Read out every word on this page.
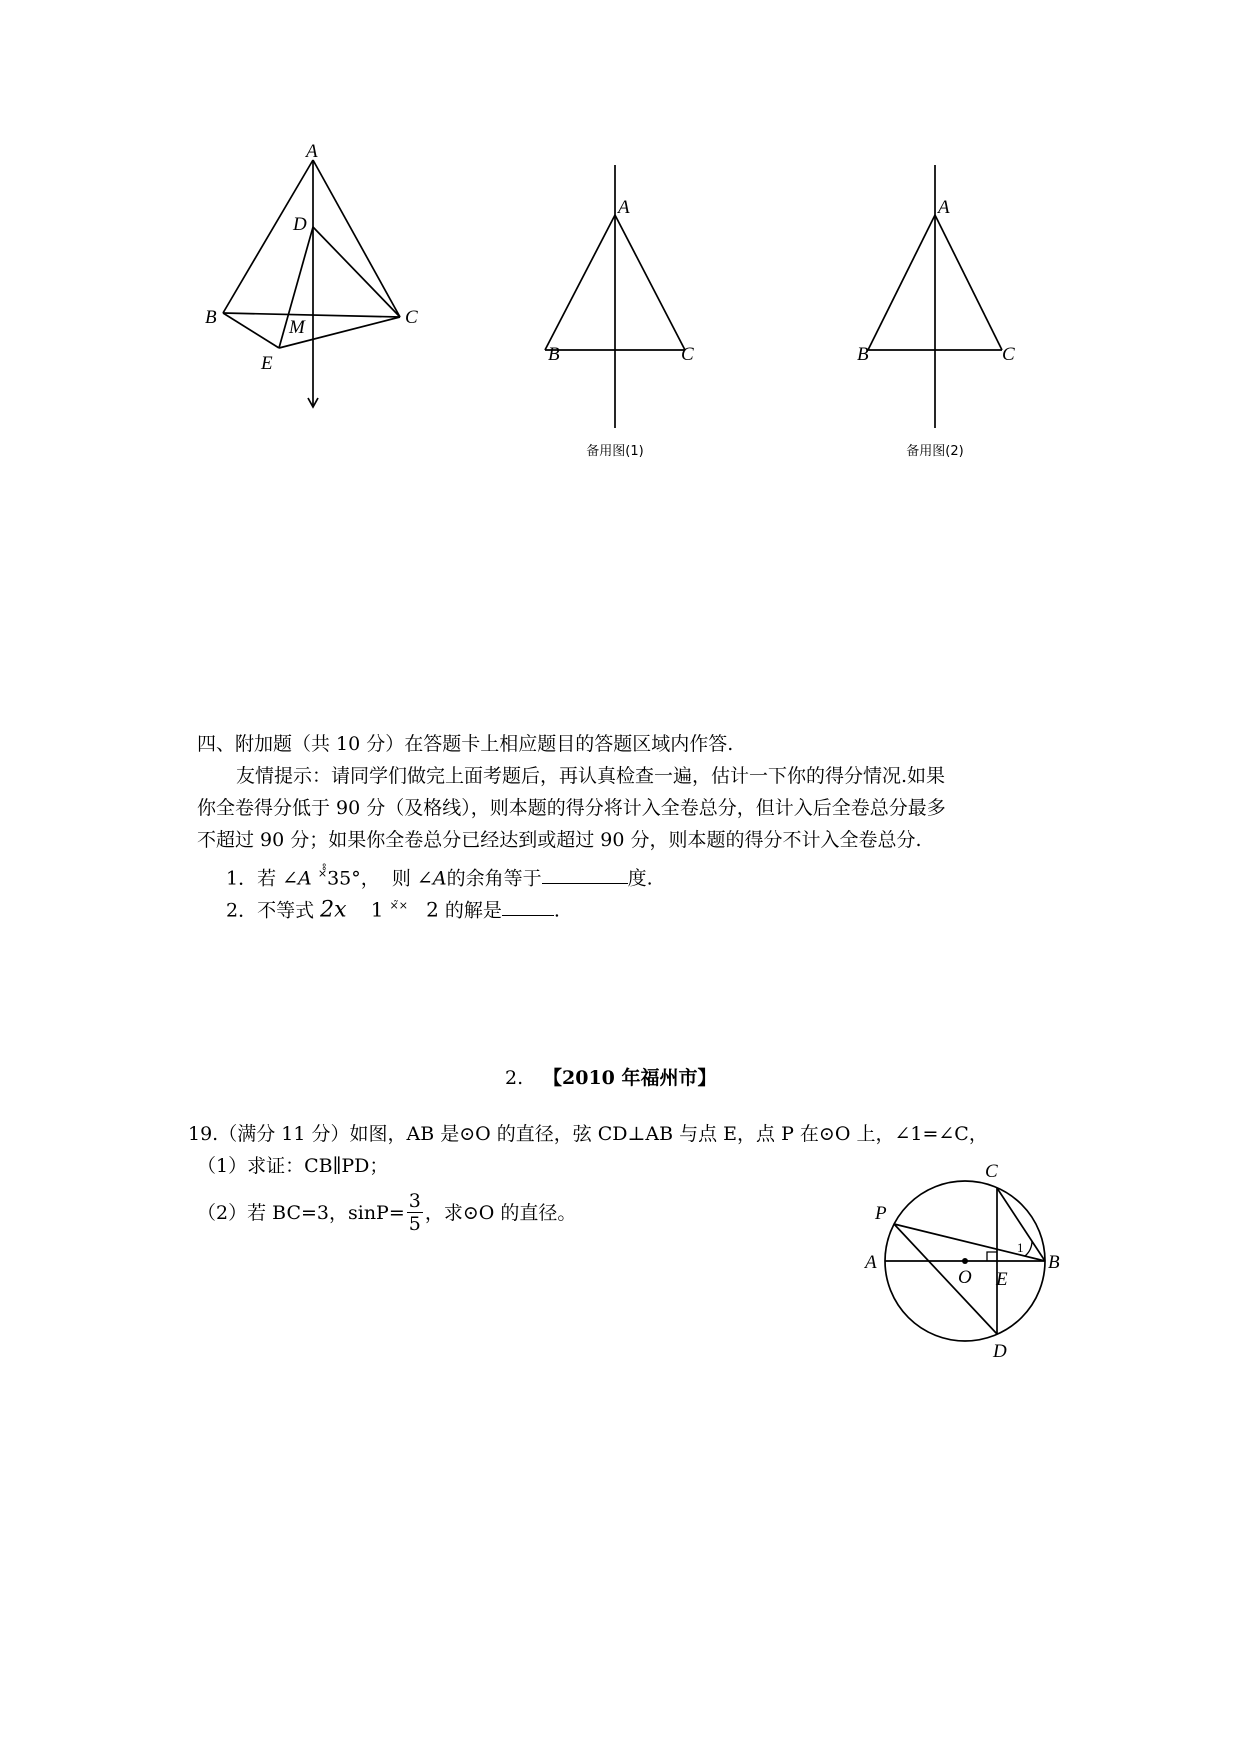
A
D
B	C
M
E
A
B	C
备用图(1)
A
B	C
备用图(2)
四、附加题（共 10 分）在答题卡上相应题目的答题区域内作答.
友情提示：请同学们做完上面考题后，再认真检查一遍，估计一下你的得分情况.如果
你全卷得分低于 90 分（及格线），则本题的得分将计入全卷总分，但计入后全卷总分最多
不超过 90 分；如果你全卷总分已经达到或超过 90 分，则本题的得分不计入全卷总分.
1．若 ∠A ×̊̊35°， 则 ∠A的余角等于	度.
2．不等式 2x 1 ×̃× 2 的解是	.
2. 【2010 年福州市】
19.（满分 11 分）如图，AB 是⊙O 的直径，弦 CD⊥AB 与点 E，点 P 在⊙O 上，∠1=∠C，
（1）求证：CB∥PD；
（2）若 BC=3，$\sin P= \frac{3}{5}$ ，求⊙O 的直径。
C
P
A	B
O E
D
1
